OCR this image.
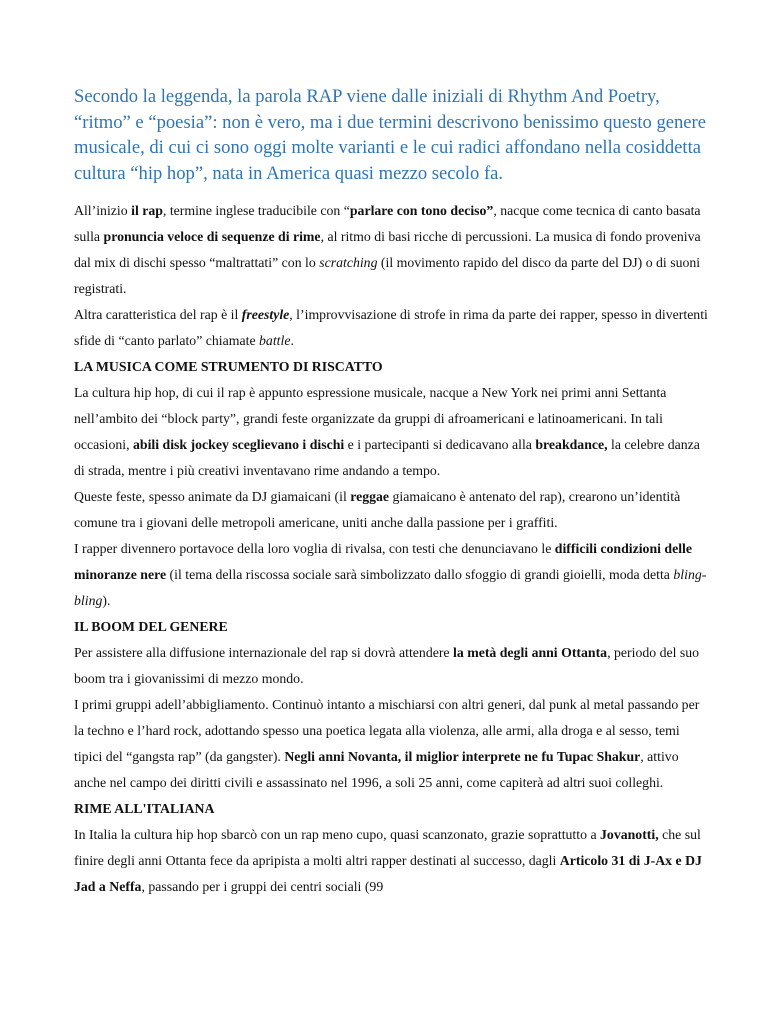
Secondo la leggenda, la parola RAP viene dalle iniziali di Rhythm And Poetry, “ritmo” e “poesia”: non è vero, ma i due termini descrivono benissimo questo genere musicale, di cui ci sono oggi molte varianti e le cui radici affondano nella cosiddetta cultura “hip hop”, nata in America quasi mezzo secolo fa.

All’inizio il rap, termine inglese traducibile con “parlare con tono deciso”, nacque come tecnica di canto basata sulla pronuncia veloce di sequenze di rime, al ritmo di basi ricche di percussioni. La musica di fondo proveniva dal mix di dischi spesso “maltrattati” con lo scratching (il movimento rapido del disco da parte del DJ) o di suoni registrati.

Altra caratteristica del rap è il freestyle, l’improvvisazione di strofe in rima da parte dei rapper, spesso in divertenti sfide di “canto parlato” chiamate battle.

LA MUSICA COME STRUMENTO DI RISCATTO

La cultura hip hop, di cui il rap è appunto espressione musicale, nacque a New York nei primi anni Settanta nell’ambito dei “block party”, grandi feste organizzate da gruppi di afroamericani e latinoamericani. In tali occasioni, abili disk jockey sceglievano i dischi e i partecipanti si dedicavano alla breakdance, la celebre danza di strada, mentre i più creativi inventavano rime andando a tempo.

Queste feste, spesso animate da DJ giamaicani (il reggae giamaicano è antenato del rap), crearono un’identità comune tra i giovani delle metropoli americane, uniti anche dalla passione per i graffiti.

I rapper divennero portavoce della loro voglia di rivalsa, con testi che denunciavano le difficili condizioni delle minoranze nere (il tema della riscossa sociale sarà simbolizzato dallo sfoggio di grandi gioielli, moda detta bling-bling).

IL BOOM DEL GENERE

Per assistere alla diffusione internazionale del rap si dovrà attendere la metà degli anni Ottanta, periodo del suo boom tra i giovanissimi di mezzo mondo.

I primi gruppi adell’abbigliamento. Continuò intanto a mischiarsi con altri generi, dal punk al metal passando per la techno e l’hard rock, adottando spesso una poetica legata alla violenza, alle armi, alla droga e al sesso, temi tipici del “gangsta rap” (da gangster). Negli anni Novanta, il miglior interprete ne fu Tupac Shakur, attivo anche nel campo dei diritti civili e assassinato nel 1996, a soli 25 anni, come capiterà ad altri suoi colleghi.

RIME ALL'ITALIANA

In Italia la cultura hip hop sbarcò con un rap meno cupo, quasi scanzonato, grazie soprattutto a Jovanotti, che sul finire degli anni Ottanta fece da apripista a molti altri rapper destinati al successo, dagli Articolo 31 di J-Ax e DJ Jad a Neffa, passando per i gruppi dei centri sociali (99
